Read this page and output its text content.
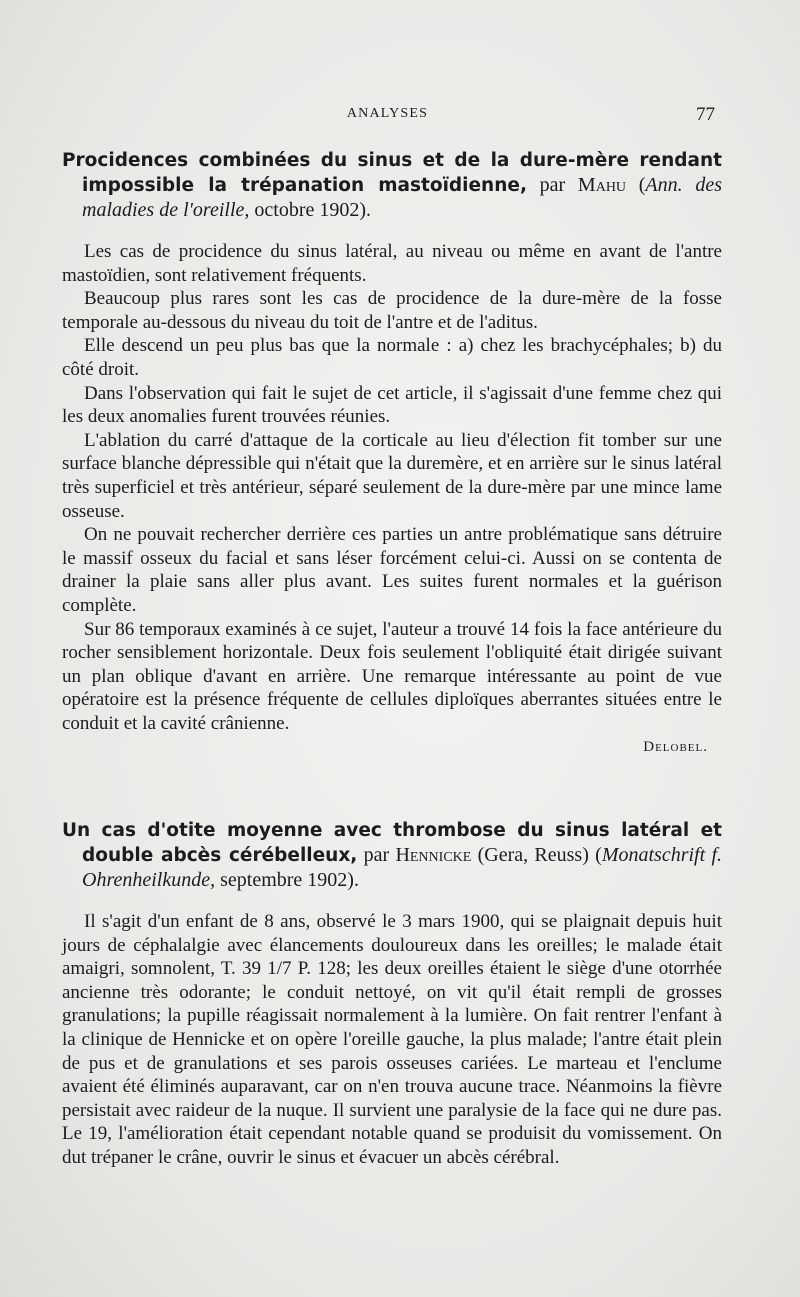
ANALYSES	77

Procidences combinées du sinus et de la dure-mère rendant impossible la trépanation mastoïdienne, par Mahu (Ann. des maladies de l'oreille, octobre 1902).

Les cas de procidence du sinus latéral, au niveau ou même en avant de l'antre mastoïdien, sont relativement fréquents.

Beaucoup plus rares sont les cas de procidence de la dure-mère de la fosse temporale au-dessous du niveau du toit de l'antre et de l'aditus.

Elle descend un peu plus bas que la normale : a) chez les brachycéphales; b) du côté droit.

Dans l'observation qui fait le sujet de cet article, il s'agissait d'une femme chez qui les deux anomalies furent trouvées réunies.

L'ablation du carré d'attaque de la corticale au lieu d'élection fit tomber sur une surface blanche dépressible qui n'était que la duremère, et en arrière sur le sinus latéral très superficiel et très antérieur, séparé seulement de la dure-mère par une mince lame osseuse.

On ne pouvait rechercher derrière ces parties un antre problématique sans détruire le massif osseux du facial et sans léser forcément celui-ci. Aussi on se contenta de drainer la plaie sans aller plus avant. Les suites furent normales et la guérison complète.

Sur 86 temporaux examinés à ce sujet, l'auteur a trouvé 14 fois la face antérieure du rocher sensiblement horizontale. Deux fois seulement l'obliquité était dirigée suivant un plan oblique d'avant en arrière. Une remarque intéressante au point de vue opératoire est la présence fréquente de cellules diploïques aberrantes situées entre le conduit et la cavité crânienne.

Delobel.

Un cas d'otite moyenne avec thrombose du sinus latéral et double abcès cérébelleux, par Hennicke (Gera, Reuss) (Monatschrift f. Ohrenheilkunde, septembre 1902).

Il s'agit d'un enfant de 8 ans, observé le 3 mars 1900, qui se plaignait depuis huit jours de céphalalgie avec élancements douloureux dans les oreilles; le malade était amaigri, somnolent, T. 39 1/7 P. 128; les deux oreilles étaient le siège d'une otorrhée ancienne très odorante; le conduit nettoyé, on vit qu'il était rempli de grosses granulations; la pupille réagissait normalement à la lumière. On fait rentrer l'enfant à la clinique de Hennicke et on opère l'oreille gauche, la plus malade; l'antre était plein de pus et de granulations et ses parois osseuses cariées. Le marteau et l'enclume avaient été éliminés auparavant, car on n'en trouva aucune trace. Néanmoins la fièvre persistait avec raideur de la nuque. Il survient une paralysie de la face qui ne dure pas. Le 19, l'amélioration était cependant notable quand se produisit du vomissement. On dut trépaner le crâne, ouvrir le sinus et évacuer un abcès cérébral.
